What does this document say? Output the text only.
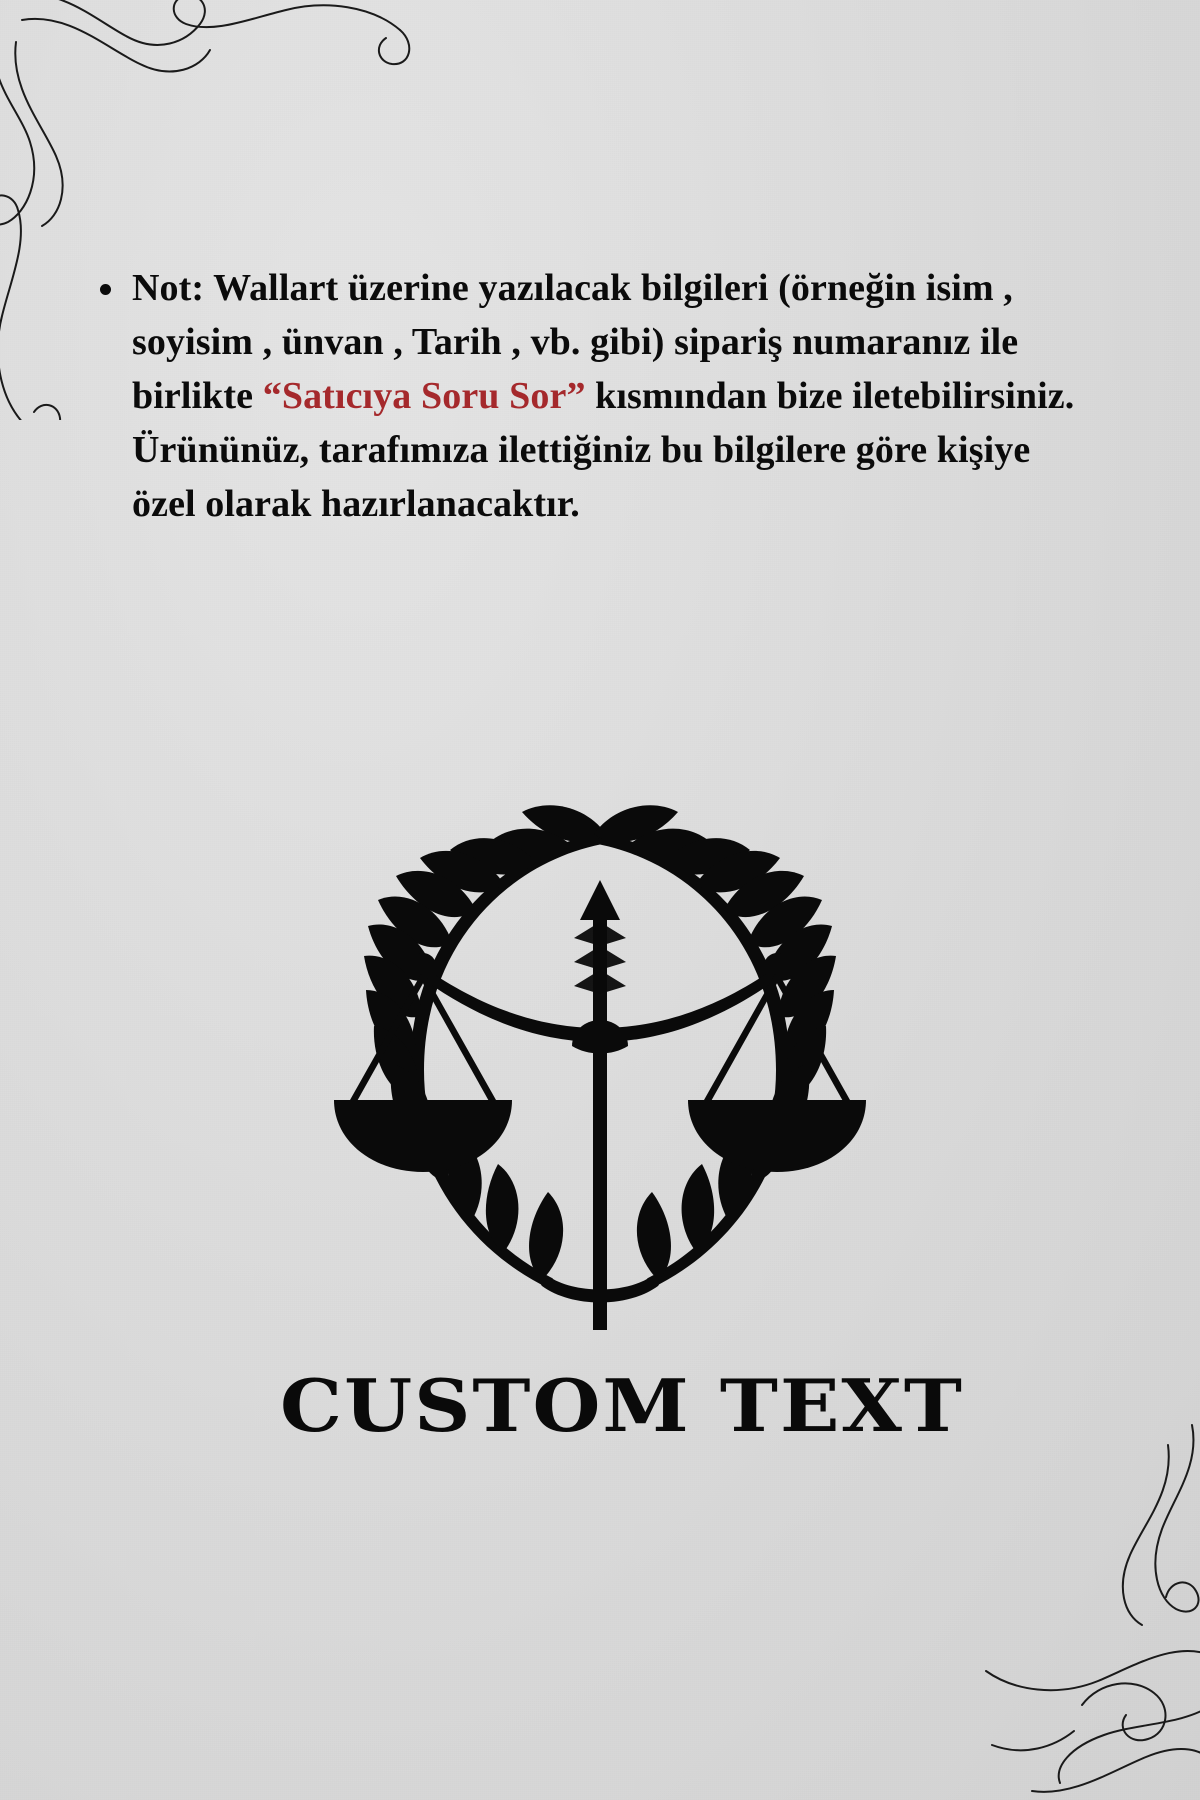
Not: Wallart üzerine yazılacak bilgileri (örneğin isim , soyisim , ünvan , Tarih , vb. gibi) sipariş numaranız ile birlikte “Satıcıya Soru Sor” kısmından bize iletebilirsiniz. Ürününüz, tarafımıza ilettiğiniz bu bilgilere göre kişiye özel olarak hazırlanacaktır.
CUSTOM TEXT
